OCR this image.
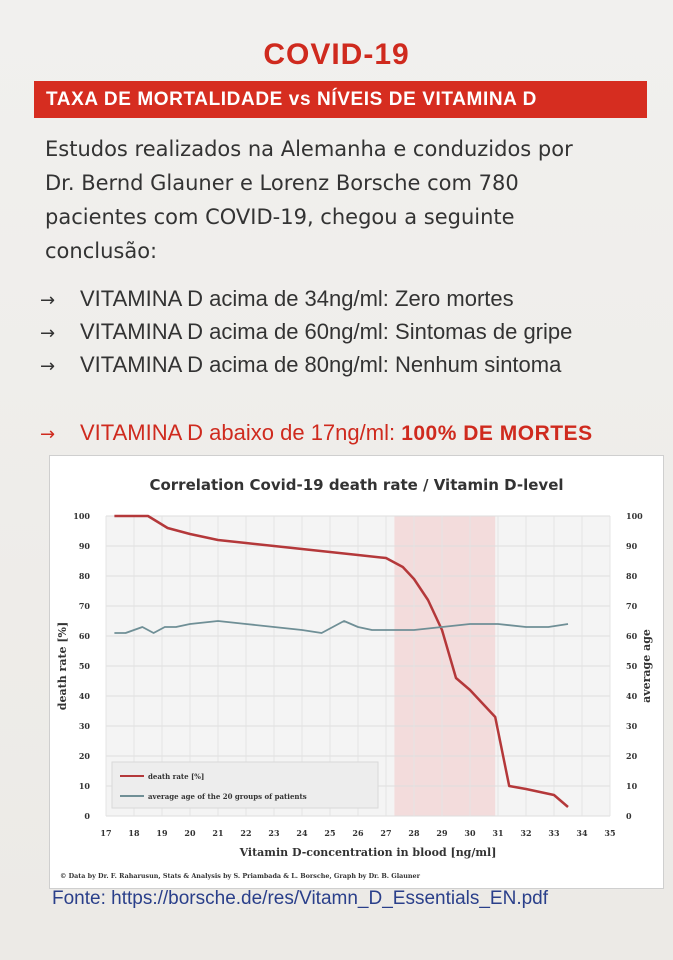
COVID-19
TAXA DE MORTALIDADE vs NÍVEIS DE VITAMINA D
Estudos realizados na Alemanha e conduzidos por
Dr. Bernd Glauner e Lorenz Borsche com 780
pacientes com COVID-19, chegou a seguinte
conclusão:
→ VITAMINA D acima de 34ng/ml: Zero mortes
→ VITAMINA D acima de 60ng/ml: Sintomas de gripe
→ VITAMINA D acima de 80ng/ml: Nenhum sintoma
→ VITAMINA D abaixo de 17ng/ml: 100% DE MORTES
Correlation Covid-19 death rate / Vitamin D-level
0
10
20
30
40
50
60
70
80
90
100
0
10
20
30
40
50
60
70
80
90
100
17 18 19 20 21 22 23 24 25 26 27 28 29 30 31 32 33 34 35
death rate [%]	average age
Vitamin D-concentration in blood [ng/ml]
death rate [%]
average age of the 20 groups of patients
© Data by Dr. F. Raharusun, Stats & Analysis by S. Priambada & L. Borsche, Graph by Dr. B. Glauner
Fonte: https://borsche.de/res/Vitamn_D_Essentials_EN.pdf
